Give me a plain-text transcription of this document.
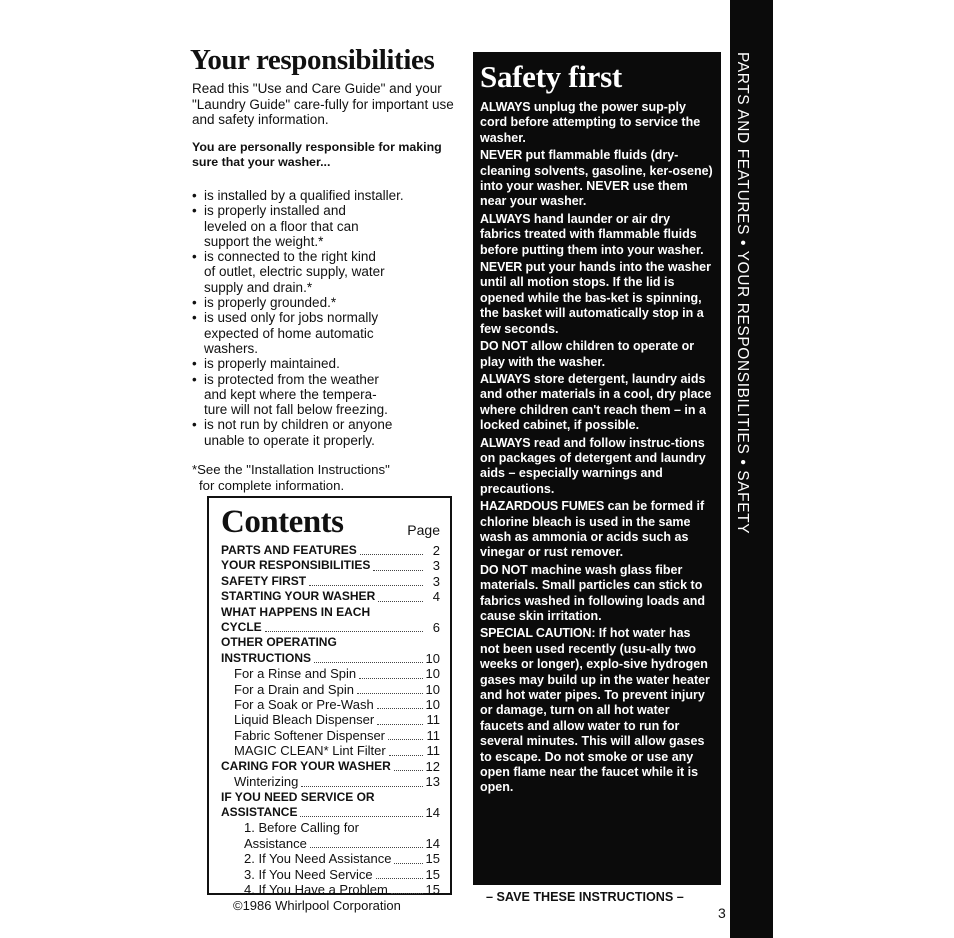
Your responsibilities
Read this "Use and Care Guide" and your "Laundry Guide" care-fully for important use and safety information.
You are personally responsible for making sure that your washer...
• is installed by a qualified installer.
• is properly installed and
leveled on a floor that can
support the weight.*
• is connected to the right kind
of outlet, electric supply, water
supply and drain.*
• is properly grounded.*
• is used only for jobs normally
expected of home automatic
washers.
• is properly maintained.
• is protected from the weather
and kept where the tempera-
ture will not fall below freezing.
• is not run by children or anyone
unable to operate it properly.
*See the "Installation Instructions"
for complete information.
Contents	Page
PARTS AND FEATURES	2
YOUR RESPONSIBILITIES	3
SAFETY FIRST	3
STARTING YOUR WASHER	4
WHAT HAPPENS IN EACH
CYCLE	6
OTHER OPERATING
INSTRUCTIONS	10
For a Rinse and Spin	10
For a Drain and Spin	10
For a Soak or Pre-Wash	10
Liquid Bleach Dispenser	11
Fabric Softener Dispenser	11
MAGIC CLEAN* Lint Filter	11
CARING FOR YOUR WASHER	12
Winterizing	13
IF YOU NEED SERVICE OR
ASSISTANCE	14
1. Before Calling for
Assistance	14
2. If You Need Assistance	15
3. If You Need Service	15
4. If You Have a Problem	15
©1986 Whirlpool Corporation
Safety first

ALWAYS unplug the power sup-ply cord before attempting to service the washer.

NEVER put flammable fluids (dry-cleaning solvents, gasoline, ker-osene) into your washer. NEVER use them near your washer.

ALWAYS hand launder or air dry fabrics treated with flammable fluids before putting them into your washer.

NEVER put your hands into the washer until all motion stops. If the lid is opened while the bas-ket is spinning, the basket will automatically stop in a few seconds.

DO NOT allow children to operate or play with the washer.

ALWAYS store detergent, laundry aids and other materials in a cool, dry place where children can't reach them – in a locked cabinet, if possible.

ALWAYS read and follow instruc-tions on packages of detergent and laundry aids – especially warnings and precautions.

HAZARDOUS FUMES can be formed if chlorine bleach is used in the same wash as ammonia or acids such as vinegar or rust remover.

DO NOT machine wash glass fiber materials. Small particles can stick to fabrics washed in following loads and cause skin irritation.

SPECIAL CAUTION: If hot water has not been used recently (usu-ally two weeks or longer), explo-sive hydrogen gases may build up in the water heater and hot water pipes. To prevent injury or damage, turn on all hot water faucets and allow water to run for several minutes. This will allow gases to escape. Do not smoke or use any open flame near the faucet while it is open.

– SAVE THESE INSTRUCTIONS –
PARTS AND FEATURES • YOUR RESPONSIBILITIES • SAFETY
3
